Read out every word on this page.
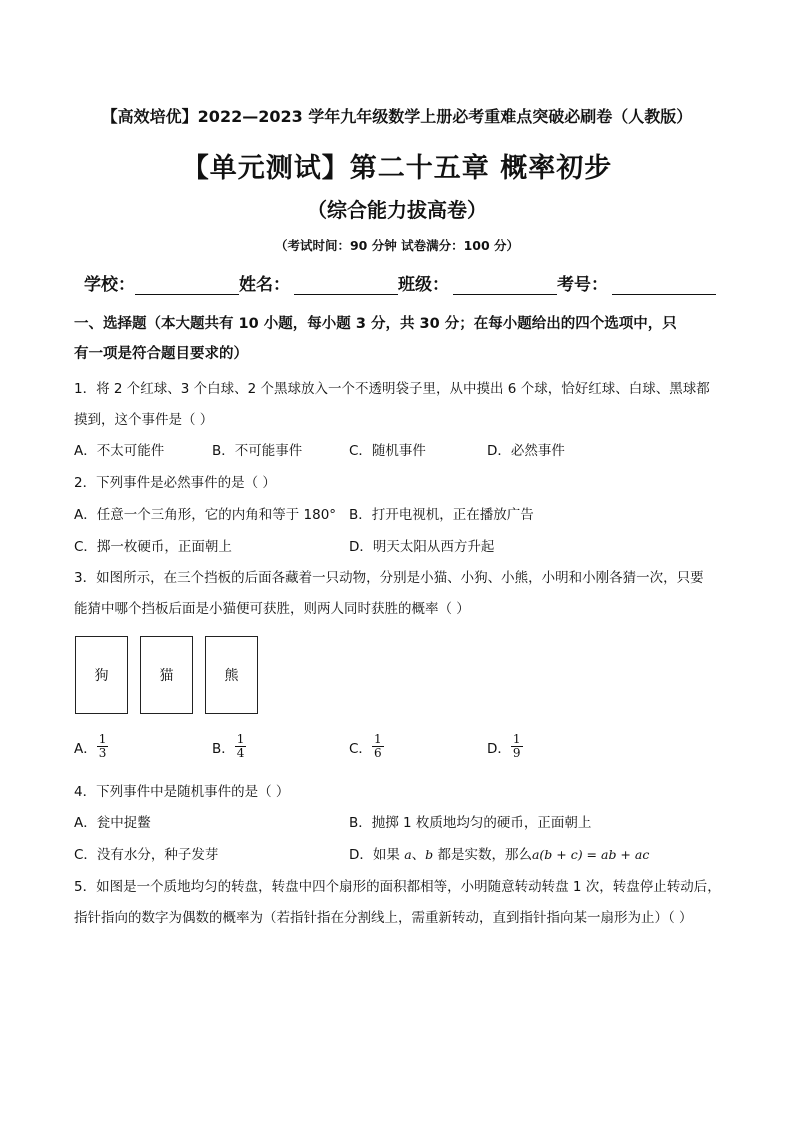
【高效培优】2022—2023 学年九年级数学上册必考重难点突破必刷卷（人教版）
【单元测试】第二十五章 概率初步
（综合能力拔高卷）
（考试时间：90 分钟 试卷满分：100 分）
学校：	姓名：	班级：	考号：
一、选择题（本大题共有 10 小题，每小题 3 分，共 30 分；在每小题给出的四个选项中，只
有一项是符合题目要求的）
1．将 2 个红球、3 个白球、2 个黑球放入一个不透明袋子里，从中摸出 6 个球，恰好红球、白球、黑球都
摸到，这个事件是（ ）
A．不太可能件	B．不可能事件	C．随机事件	D．必然事件
2．下列事件是必然事件的是（ ）
A．任意一个三角形，它的内角和等于 180° B．打开电视机，正在播放广告
C．掷一枚硬币，正面朝上	D．明天太阳从西方升起
3．如图所示，在三个挡板的后面各藏着一只动物，分别是小猫、小狗、小熊，小明和小刚各猜一次，只要
能猜中哪个挡板后面是小猫便可获胜，则两人同时获胜的概率（ ）
狗	猫	熊
A． $\frac{1}{3}$	B． $\frac{1}{4}$	C． $\frac{1}{6}$	D． $\frac{1}{9}$
4．下列事件中是随机事件的是（ ）
A．瓮中捉鳖	B．抛掷 1 枚质地均匀的硬币，正面朝上
C．没有水分，种子发芽	D．如果 a、b 都是实数，那么a(b + c) = ab + ac
5．如图是一个质地均匀的转盘，转盘中四个扇形的面积都相等，小明随意转动转盘 1 次，转盘停止转动后，
指针指向的数字为偶数的概率为（若指针指在分割线上，需重新转动，直到指针指向某一扇形为止）（ ）
